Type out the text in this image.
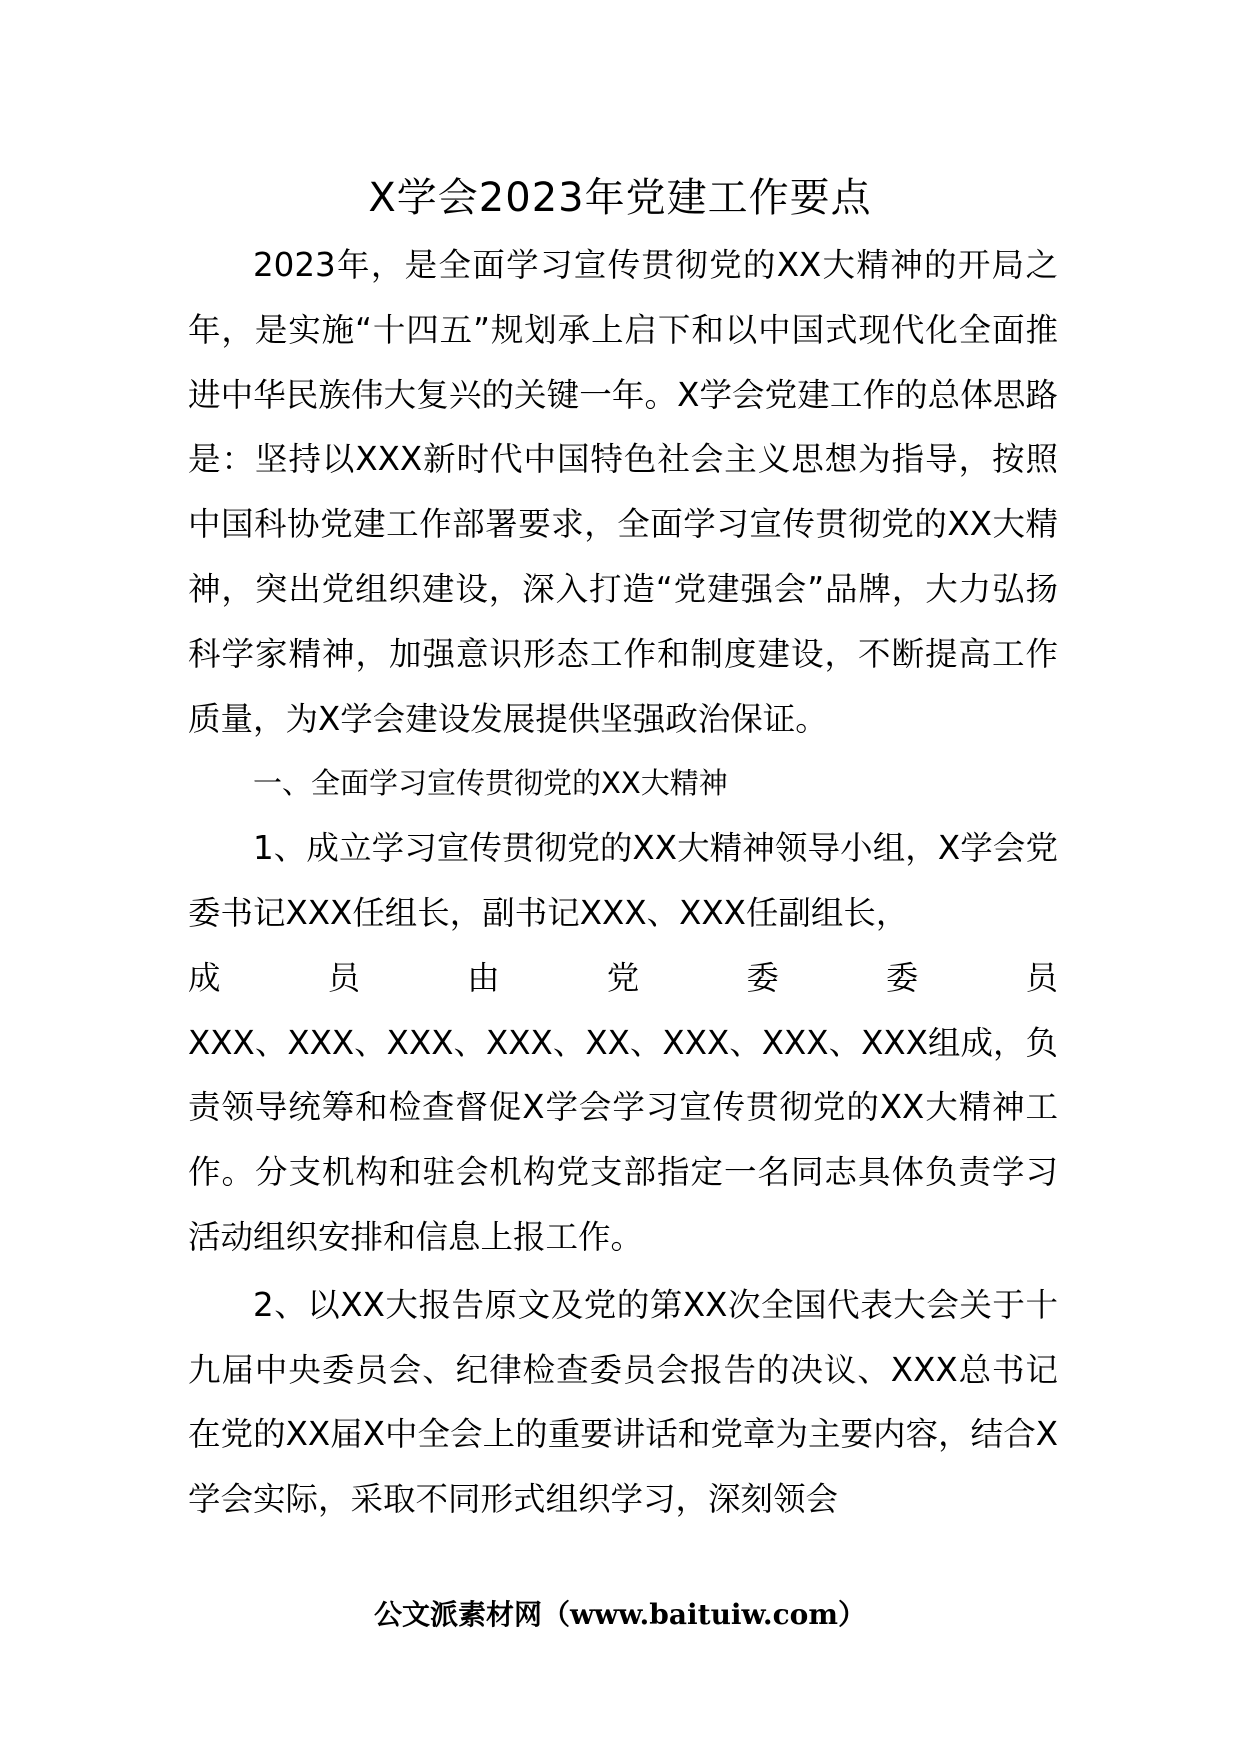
X学会2023年党建工作要点

2023年，是全面学习宣传贯彻党的XX大精神的开局之年，是实施“十四五”规划承上启下和以中国式现代化全面推进中华民族伟大复兴的关键一年。X学会党建工作的总体思路是：坚持以XXX新时代中国特色社会主义思想为指导，按照中国科协党建工作部署要求，全面学习宣传贯彻党的XX大精神，突出党组织建设，深入打造“党建强会”品牌，大力弘扬科学家精神，加强意识形态工作和制度建设，不断提高工作质量，为X学会建设发展提供坚强政治保证。

一、全面学习宣传贯彻党的XX大精神

1、成立学习宣传贯彻党的XX大精神领导小组，X学会党委书记XXX任组长，副书记XXX、XXX任副组长，

成	员	由	党	委	委	员

XXX、XXX、XXX、XXX、XX、XXX、XXX、XXX组成，负责领导统筹和检查督促X学会学习宣传贯彻党的XX大精神工作。分支机构和驻会机构党支部指定一名同志具体负责学习活动组织安排和信息上报工作。

2、以XX大报告原文及党的第XX次全国代表大会关于十九届中央委员会、纪律检查委员会报告的决议、XXX总书记在党的XX届X中全会上的重要讲话和党章为主要内容，结合X学会实际，采取不同形式组织学习，深刻领会

公文派素材网（www.baituiw.com）
